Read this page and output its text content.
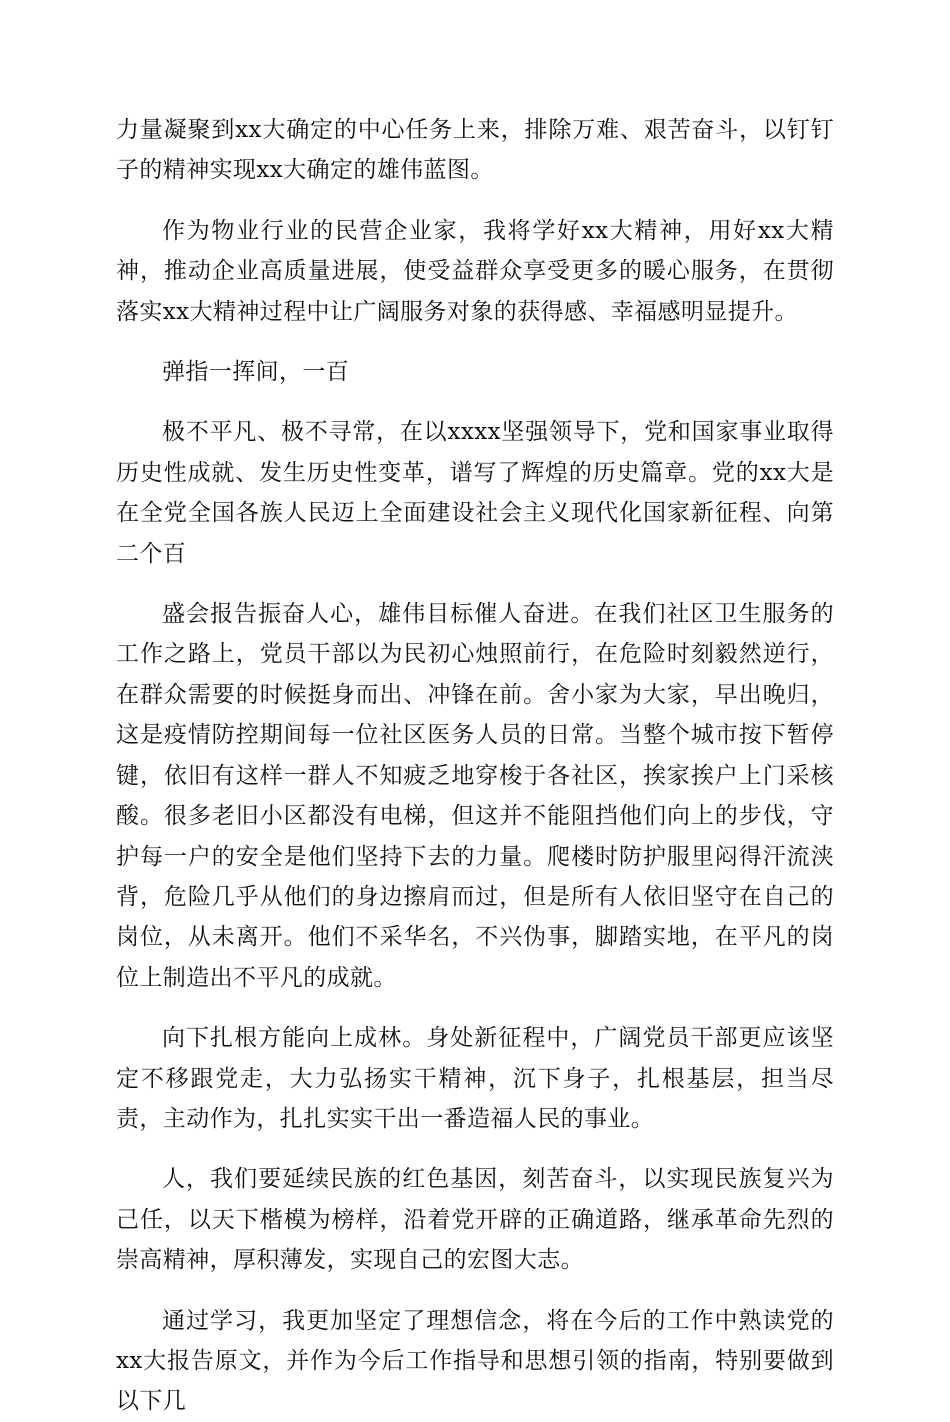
力量凝聚到xx大确定的中心任务上来，排除万难、艰苦奋斗，以钉钉子的精神实现xx大确定的雄伟蓝图。

作为物业行业的民营企业家，我将学好xx大精神，用好xx大精神，推动企业高质量进展，使受益群众享受更多的暖心服务，在贯彻落实xx大精神过程中让广阔服务对象的获得感、幸福感明显提升。

弹指一挥间，一百

极不平凡、极不寻常，在以xxxx坚强领导下，党和国家事业取得历史性成就、发生历史性变革，谱写了辉煌的历史篇章。党的xx大是在全党全国各族人民迈上全面建设社会主义现代化国家新征程、向第二个百

盛会报告振奋人心，雄伟目标催人奋进。在我们社区卫生服务的工作之路上，党员干部以为民初心烛照前行，在危险时刻毅然逆行，在群众需要的时候挺身而出、冲锋在前。舍小家为大家，早出晚归，这是疫情防控期间每一位社区医务人员的日常。当整个城市按下暂停键，依旧有这样一群人不知疲乏地穿梭于各社区，挨家挨户上门采核酸。很多老旧小区都没有电梯，但这并不能阻挡他们向上的步伐，守护每一户的安全是他们坚持下去的力量。爬楼时防护服里闷得汗流浃背，危险几乎从他们的身边擦肩而过，但是所有人依旧坚守在自己的岗位，从未离开。他们不采华名，不兴伪事，脚踏实地，在平凡的岗位上制造出不平凡的成就。

向下扎根方能向上成林。身处新征程中，广阔党员干部更应该坚定不移跟党走，大力弘扬实干精神，沉下身子，扎根基层，担当尽责，主动作为，扎扎实实干出一番造福人民的事业。

人，我们要延续民族的红色基因，刻苦奋斗，以实现民族复兴为己任，以天下楷模为榜样，沿着党开辟的正确道路，继承革命先烈的崇高精神，厚积薄发，实现自己的宏图大志。

通过学习，我更加坚定了理想信念，将在今后的工作中熟读党的xx大报告原文，并作为今后工作指导和思想引领的指南，特别要做到以下几
